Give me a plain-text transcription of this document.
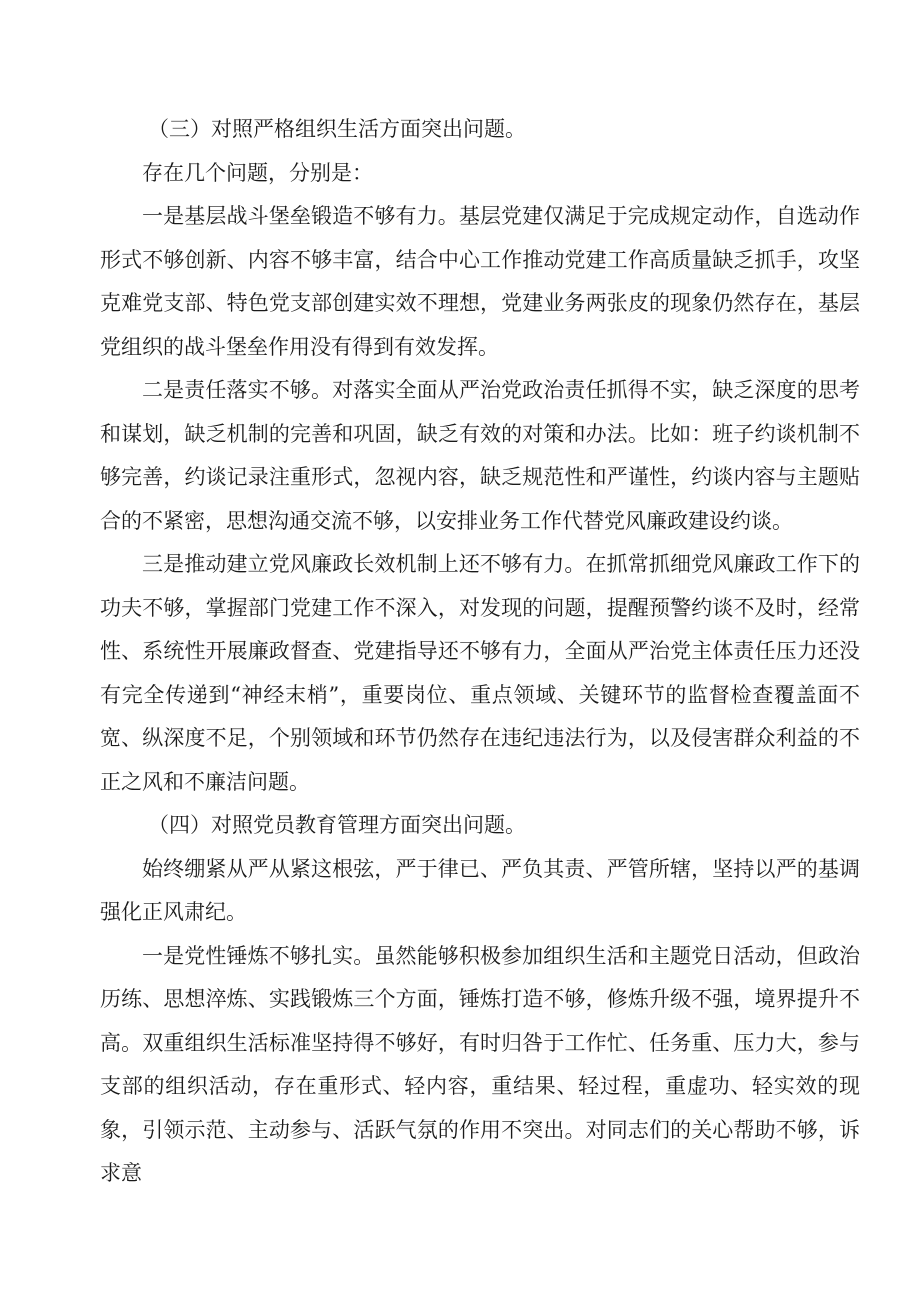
（三）对照严格组织生活方面突出问题。

存在几个问题，分别是：

一是基层战斗堡垒锻造不够有力。基层党建仅满足于完成规定动作，自选动作形式不够创新、内容不够丰富，结合中心工作推动党建工作高质量缺乏抓手，攻坚克难党支部、特色党支部创建实效不理想，党建业务两张皮的现象仍然存在，基层党组织的战斗堡垒作用没有得到有效发挥。

二是责任落实不够。对落实全面从严治党政治责任抓得不实，缺乏深度的思考和谋划，缺乏机制的完善和巩固，缺乏有效的对策和办法。比如：班子约谈机制不够完善，约谈记录注重形式，忽视内容，缺乏规范性和严谨性，约谈内容与主题贴合的不紧密，思想沟通交流不够，以安排业务工作代替党风廉政建设约谈。

三是推动建立党风廉政长效机制上还不够有力。在抓常抓细党风廉政工作下的功夫不够，掌握部门党建工作不深入，对发现的问题，提醒预警约谈不及时，经常性、系统性开展廉政督查、党建指导还不够有力，全面从严治党主体责任压力还没有完全传递到“神经末梢”，重要岗位、重点领域、关键环节的监督检查覆盖面不宽、纵深度不足，个别领域和环节仍然存在违纪违法行为，以及侵害群众利益的不正之风和不廉洁问题。

（四）对照党员教育管理方面突出问题。

始终绷紧从严从紧这根弦，严于律已、严负其责、严管所辖，坚持以严的基调强化正风肃纪。

一是党性锤炼不够扎实。虽然能够积极参加组织生活和主题党日活动，但政治历练、思想淬炼、实践锻炼三个方面，锤炼打造不够，修炼升级不强，境界提升不高。双重组织生活标准坚持得不够好，有时归咎于工作忙、任务重、压力大，参与支部的组织活动，存在重形式、轻内容，重结果、轻过程，重虚功、轻实效的现象，引领示范、主动参与、活跃气氛的作用不突出。对同志们的关心帮助不够，诉求意
